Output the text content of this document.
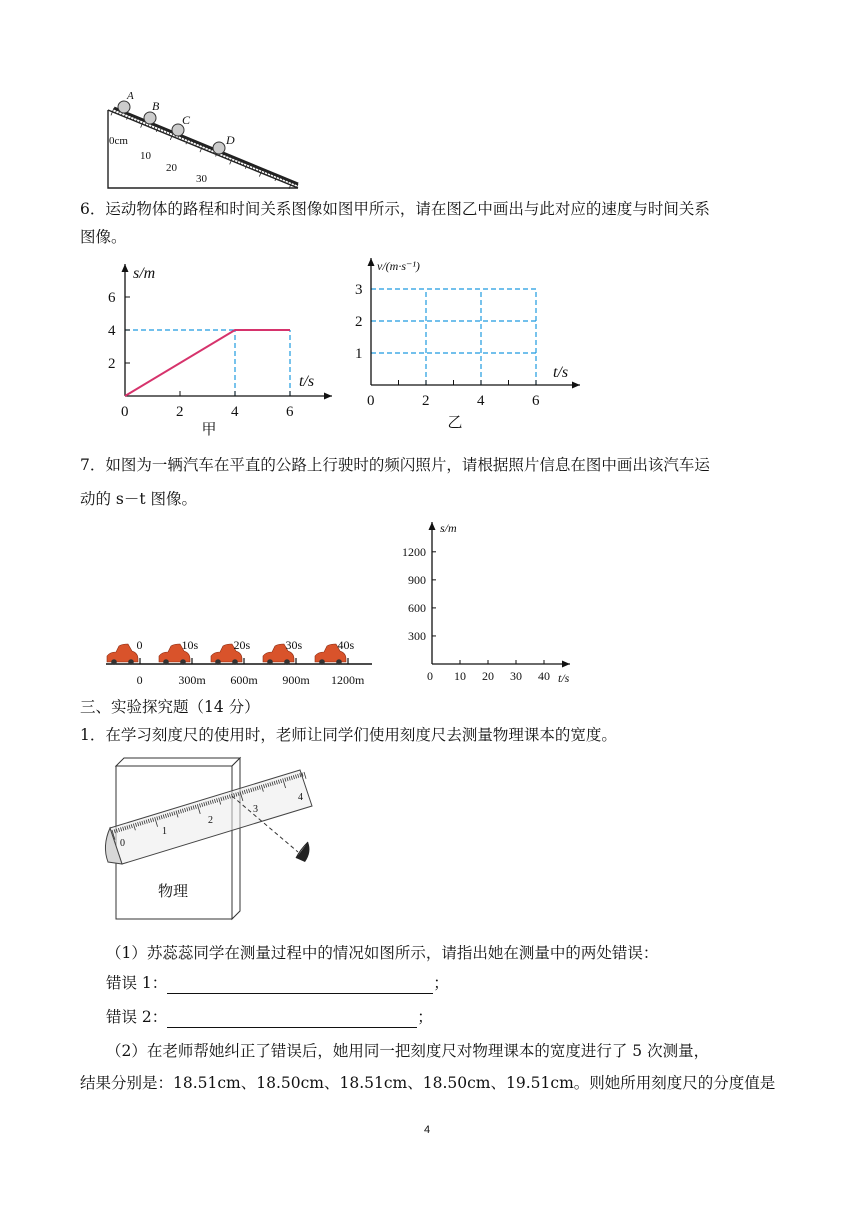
A
B
C
D
0cm
10
20
30
6．运动物体的路程和时间关系图像如图甲所示，请在图乙中画出与此对应的速度与时间关系
图像。
0	2	4	6
2
4
6
s/m
t/s
甲
0	2	4	6
1
2
3
v/(m·s⁻¹)
t/s
乙
7．如图为一辆汽车在平直的公路上行驶时的频闪照片，请根据照片信息在图中画出该汽车运
动的 s－t 图像。
0
0
10s
300m
20s
600m
30s
900m
40s
1200m	0 10 20 30 40
300
600
900
1200
s/m
t/s
三、实验探究题（14 分）
1．在学习刻度尺的使用时，老师让同学们使用刻度尺去测量物理课本的宽度。
0
1
2
3
4
物理
（1）苏蕊蕊同学在测量过程中的情况如图所示，请指出她在测量中的两处错误：
错误 1：	；
错误 2：	；
（2）在老师帮她纠正了错误后，她用同一把刻度尺对物理课本的宽度进行了 5 次测量，
结果分别是：18.51cm、18.50cm、18.51cm、18.50cm、19.51cm。则她所用刻度尺的分度值是
4
